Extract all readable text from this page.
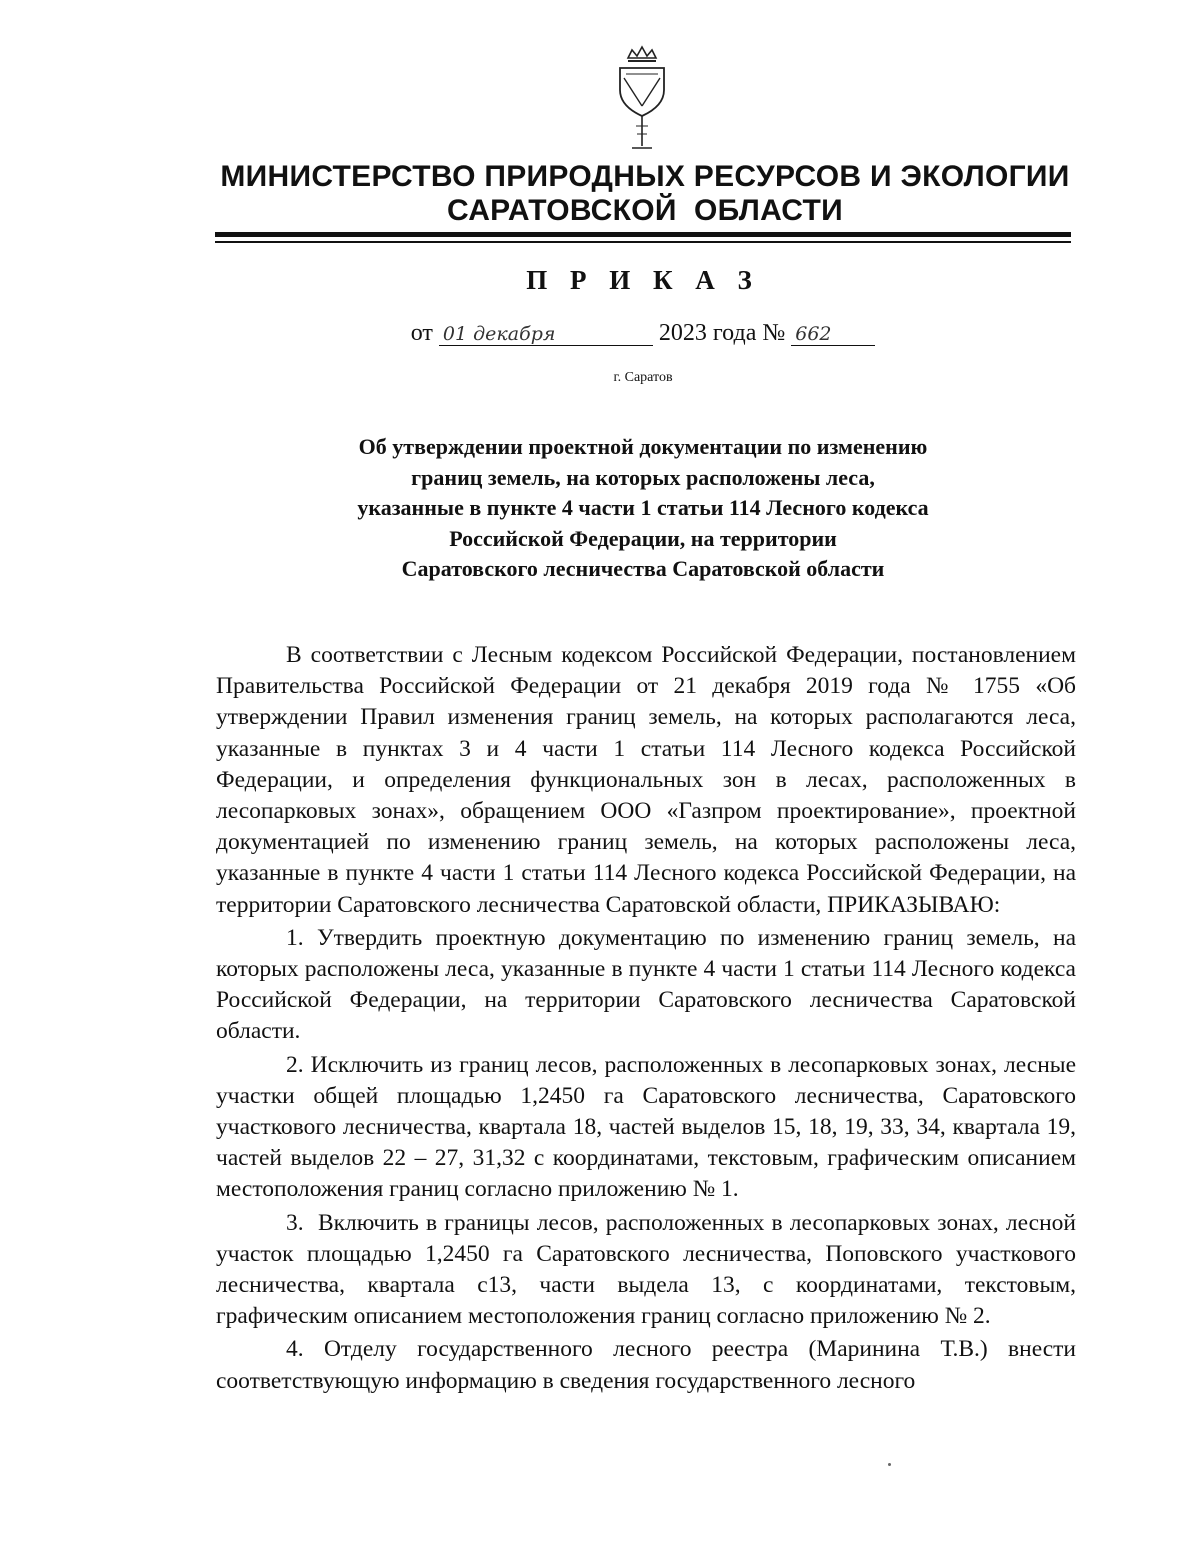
МИНИСТЕРСТВО ПРИРОДНЫХ РЕСУРСОВ И ЭКОЛОГИИ
САРАТОВСКОЙ  ОБЛАСТИ
П Р И К А З
от 01 декабря	2023 года № 662
г. Саратов
Об утверждении проектной документации по изменению
границ земель, на которых расположены леса,
указанные в пункте 4 части 1 статьи 114 Лесного кодекса
Российской Федерации, на территории
Саратовского лесничества Саратовской области

В соответствии с Лесным кодексом Российской Федерации, постановлением Правительства Российской Федерации от 21 декабря 2019 года № 1755 «Об утверждении Правил изменения границ земель, на которых располагаются леса, указанные в пунктах 3 и 4 части 1 статьи 114 Лесного кодекса Российской Федерации, и определения функциональных зон в лесах, расположенных в лесопарковых зонах», обращением ООО «Газпром проектирование», проектной документацией по изменению границ земель, на которых расположены леса, указанные в пункте 4 части 1 статьи 114 Лесного кодекса Российской Федерации, на территории Саратовского лесничества Саратовской области, ПРИКАЗЫВАЮ:

1. Утвердить проектную документацию по изменению границ земель, на которых расположены леса, указанные в пункте 4 части 1 статьи 114 Лесного кодекса Российской Федерации, на территории Саратовского лесничества Саратовской области.

2. Исключить из границ лесов, расположенных в лесопарковых зонах, лесные участки общей площадью 1,2450 га Саратовского лесничества, Саратовского участкового лесничества, квартала 18, частей выделов 15, 18, 19, 33, 34, квартала 19, частей выделов 22 – 27, 31,32 с координатами, текстовым, графическим описанием местоположения границ согласно приложению № 1.

3.  Включить в границы лесов, расположенных в лесопарковых зонах, лесной участок площадью 1,2450 га Саратовского лесничества, Поповского участкового лесничества, квартала с13, части выдела 13, с координатами, текстовым, графическим описанием местоположения границ согласно приложению № 2.

4. Отделу государственного лесного реестра (Маринина Т.В.) внести соответствующую информацию в сведения государственного лесного
